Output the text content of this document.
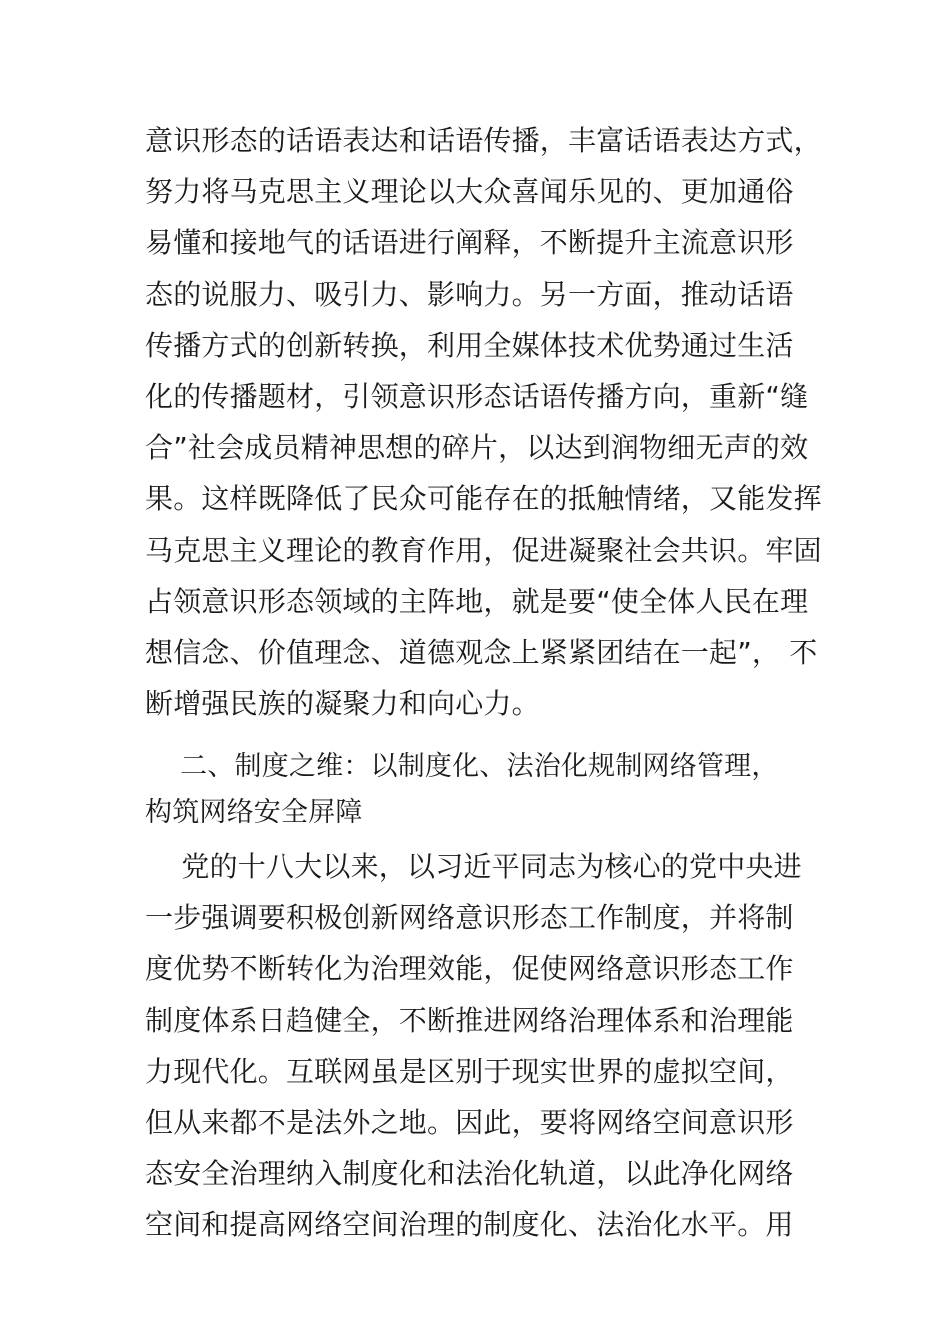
意识形态的话语表达和话语传播，丰富话语表达方式，
努力将马克思主义理论以大众喜闻乐见的、更加通俗
易懂和接地气的话语进行阐释，不断提升主流意识形
态的说服力、吸引力、影响力。另一方面，推动话语
传播方式的创新转换，利用全媒体技术优势通过生活
化的传播题材，引领意识形态话语传播方向，重新“缝
合”社会成员精神思想的碎片，以达到润物细无声的效
果。这样既降低了民众可能存在的抵触情绪，又能发挥
马克思主义理论的教育作用，促进凝聚社会共识。牢固
占领意识形态领域的主阵地，就是要“使全体人民在理
想信念、价值理念、道德观念上紧紧团结在一起”， 不
断增强民族的凝聚力和向心力。
二、制度之维：以制度化、法治化规制网络管理，
构筑网络安全屏障
党的十八大以来，以习近平同志为核心的党中央进
一步强调要积极创新网络意识形态工作制度，并将制
度优势不断转化为治理效能，促使网络意识形态工作
制度体系日趋健全，不断推进网络治理体系和治理能
力现代化。互联网虽是区别于现实世界的虚拟空间，
但从来都不是法外之地。因此，要将网络空间意识形
态安全治理纳入制度化和法治化轨道，以此净化网络
空间和提高网络空间治理的制度化、法治化水平。用
